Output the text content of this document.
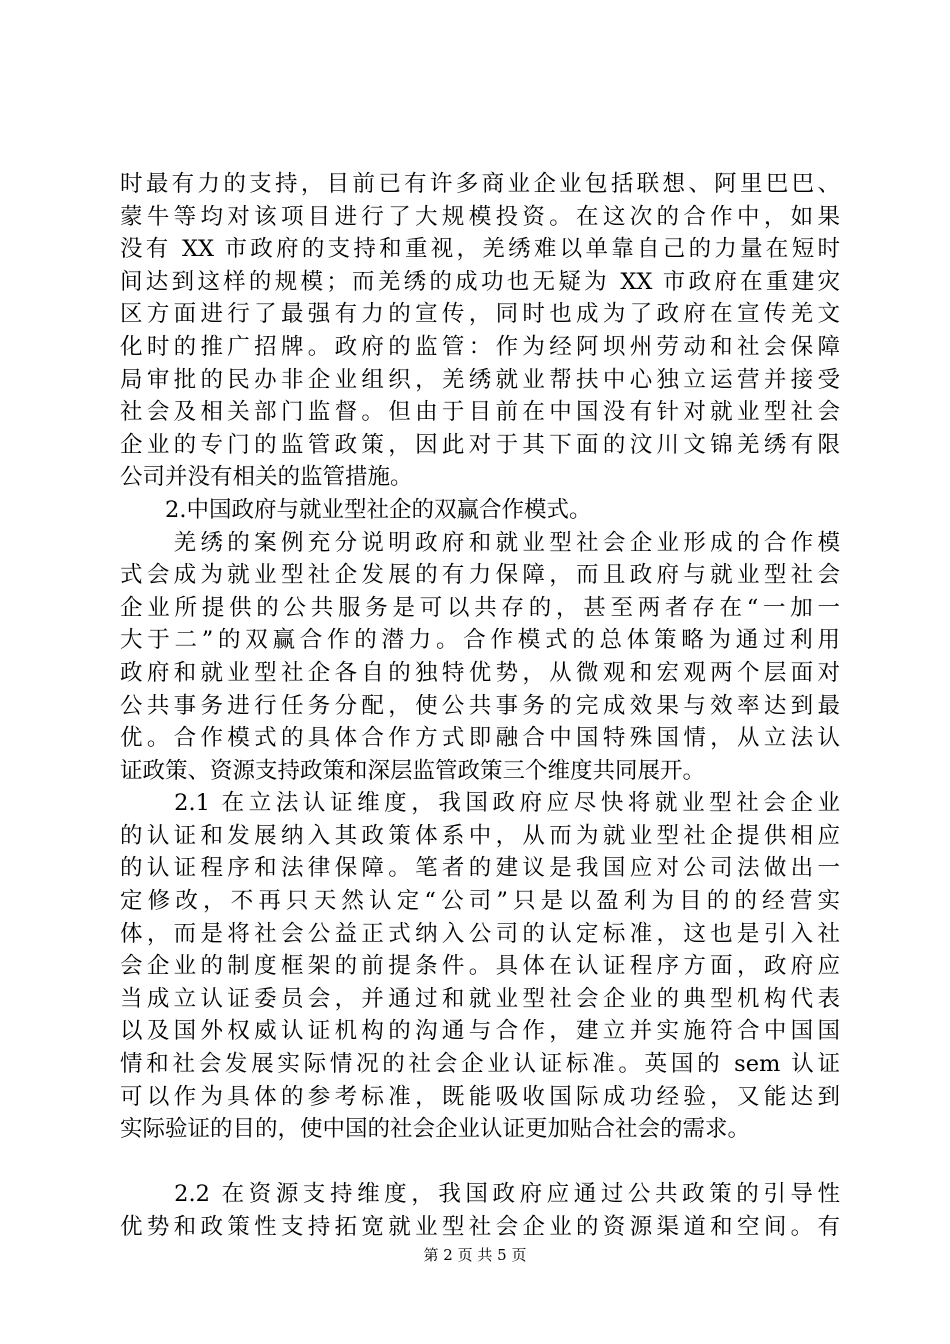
时最有力的支持，目前已有许多商业企业包括联想、阿里巴巴、
蒙牛等均对该项目进行了大规模投资。在这次的合作中，如果
没有 XX 市政府的支持和重视，羌绣难以单靠自己的力量在短时
间达到这样的规模；而羌绣的成功也无疑为 XX 市政府在重建灾
区方面进行了最强有力的宣传，同时也成为了政府在宣传羌文
化时的推广招牌。政府的监管：作为经阿坝州劳动和社会保障
局审批的民办非企业组织，羌绣就业帮扶中心独立运营并接受
社会及相关部门监督。但由于目前在中国没有针对就业型社会
企业的专门的监管政策，因此对于其下面的汶川文锦羌绣有限
公司并没有相关的监管措施。
　　2.中国政府与就业型社企的双赢合作模式。
　　羌绣的案例充分说明政府和就业型社会企业形成的合作模
式会成为就业型社企发展的有力保障，而且政府与就业型社会
企业所提供的公共服务是可以共存的，甚至两者存在“一加一
大于二”的双赢合作的潜力。合作模式的总体策略为通过利用
政府和就业型社企各自的独特优势，从微观和宏观两个层面对
公共事务进行任务分配，使公共事务的完成效果与效率达到最
优。合作模式的具体合作方式即融合中国特殊国情，从立法认
证政策、资源支持政策和深层监管政策三个维度共同展开。
　　2.1 在立法认证维度，我国政府应尽快将就业型社会企业
的认证和发展纳入其政策体系中，从而为就业型社企提供相应
的认证程序和法律保障。笔者的建议是我国应对公司法做出一
定修改，不再只天然认定“公司”只是以盈利为目的的经营实
体，而是将社会公益正式纳入公司的认定标准，这也是引入社
会企业的制度框架的前提条件。具体在认证程序方面，政府应
当成立认证委员会，并通过和就业型社会企业的典型机构代表
以及国外权威认证机构的沟通与合作，建立并实施符合中国国
情和社会发展实际情况的社会企业认证标准。英国的 sem 认证
可以作为具体的参考标准，既能吸收国际成功经验，又能达到
实际验证的目的，使中国的社会企业认证更加贴合社会的需求。
　　2.2 在资源支持维度，我国政府应通过公共政策的引导性
优势和政策性支持拓宽就业型社会企业的资源渠道和空间。有
第 2 页 共 5 页
